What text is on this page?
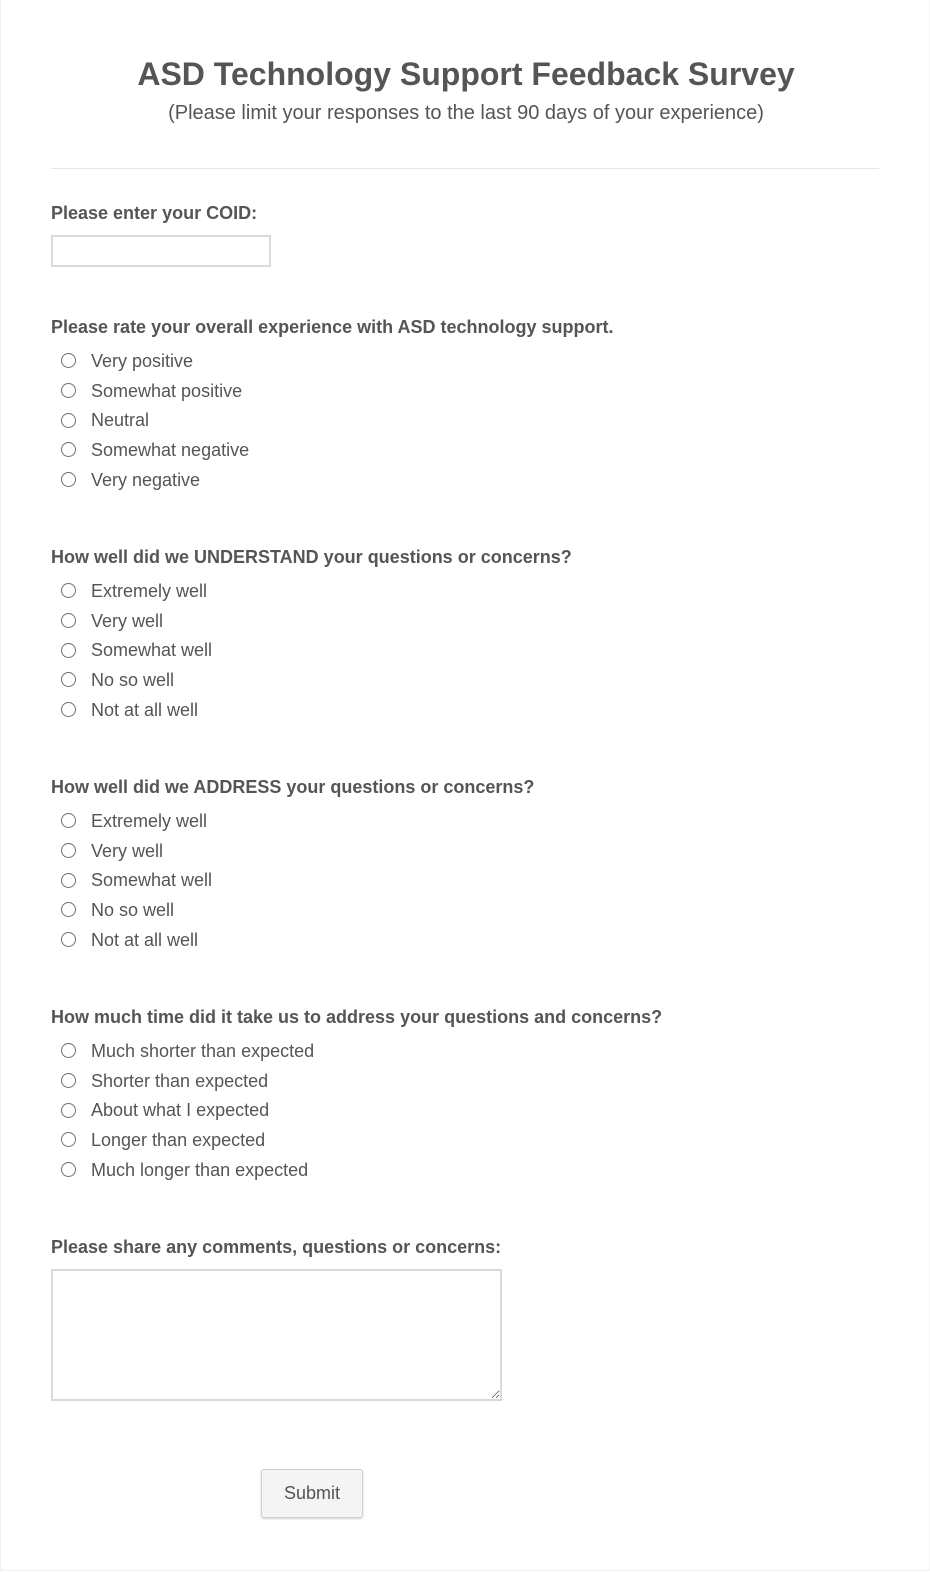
ASD Technology Support Feedback Survey

(Please limit your responses to the last 90 days of your experience)

Please enter your COID:
Please rate your overall experience with ASD technology support.
Very positive
Somewhat positive
Neutral
Somewhat negative
Very negative
How well did we UNDERSTAND your questions or concerns?
Extremely well
Very well
Somewhat well
No so well
Not at all well
How well did we ADDRESS your questions or concerns?
Extremely well
Very well
Somewhat well
No so well
Not at all well
How much time did it take us to address your questions and concerns?
Much shorter than expected
Shorter than expected
About what I expected
Longer than expected
Much longer than expected
Please share any comments, questions or concerns:
Submit
